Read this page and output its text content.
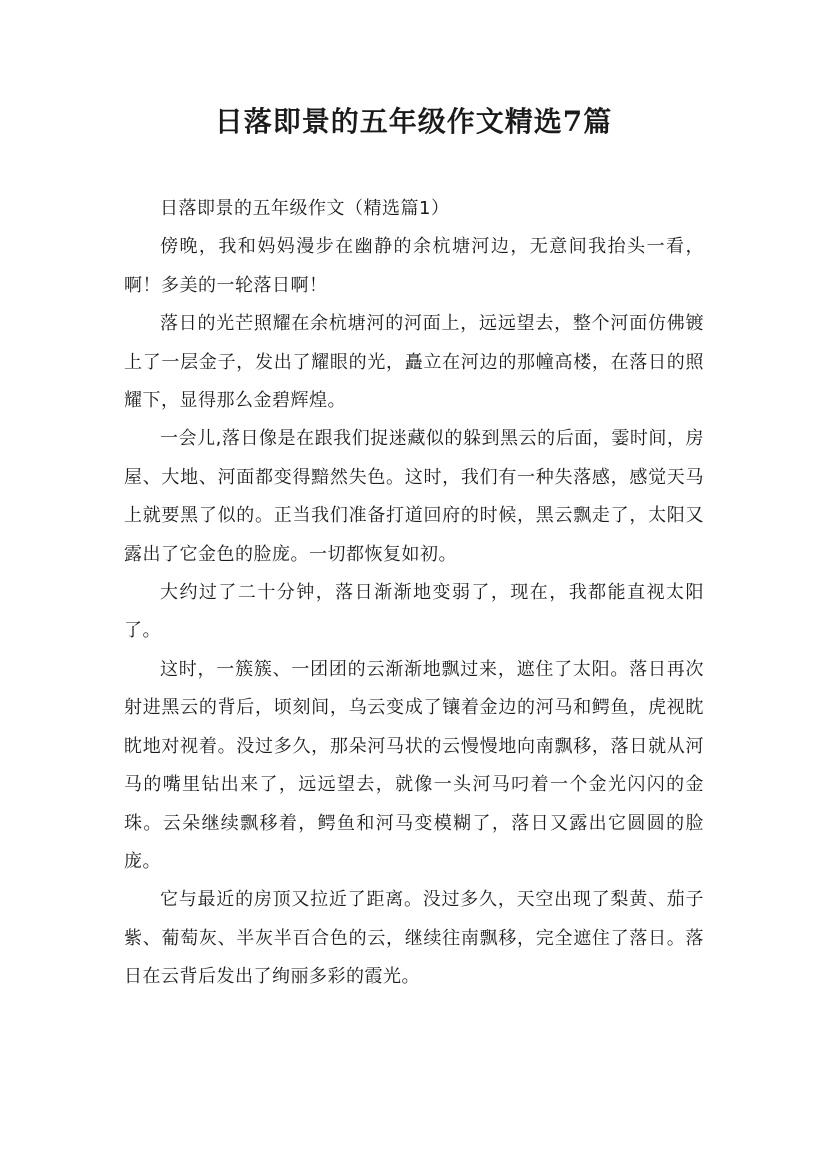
日落即景的五年级作文精选7篇

日落即景的五年级作文（精选篇1）

傍晚，我和妈妈漫步在幽静的余杭塘河边，无意间我抬头一看，啊！多美的一轮落日啊！

落日的光芒照耀在余杭塘河的河面上，远远望去，整个河面仿佛镀上了一层金子，发出了耀眼的光，矗立在河边的那幢高楼，在落日的照耀下，显得那么金碧辉煌。

一会儿,落日像是在跟我们捉迷藏似的躲到黑云的后面，霎时间，房屋、大地、河面都变得黯然失色。这时，我们有一种失落感，感觉天马上就要黑了似的。正当我们准备打道回府的时候，黑云飘走了，太阳又露出了它金色的脸庞。一切都恢复如初。

大约过了二十分钟，落日渐渐地变弱了，现在，我都能直视太阳了。

这时，一簇簇、一团团的云渐渐地飘过来，遮住了太阳。落日再次射进黑云的背后，顷刻间，乌云变成了镶着金边的河马和鳄鱼，虎视眈眈地对视着。没过多久，那朵河马状的云慢慢地向南飘移，落日就从河马的嘴里钻出来了，远远望去，就像一头河马叼着一个金光闪闪的金珠。云朵继续飘移着，鳄鱼和河马变模糊了，落日又露出它圆圆的脸庞。

它与最近的房顶又拉近了距离。没过多久，天空出现了梨黄、茄子紫、葡萄灰、半灰半百合色的云，继续往南飘移，完全遮住了落日。落日在云背后发出了绚丽多彩的霞光。
